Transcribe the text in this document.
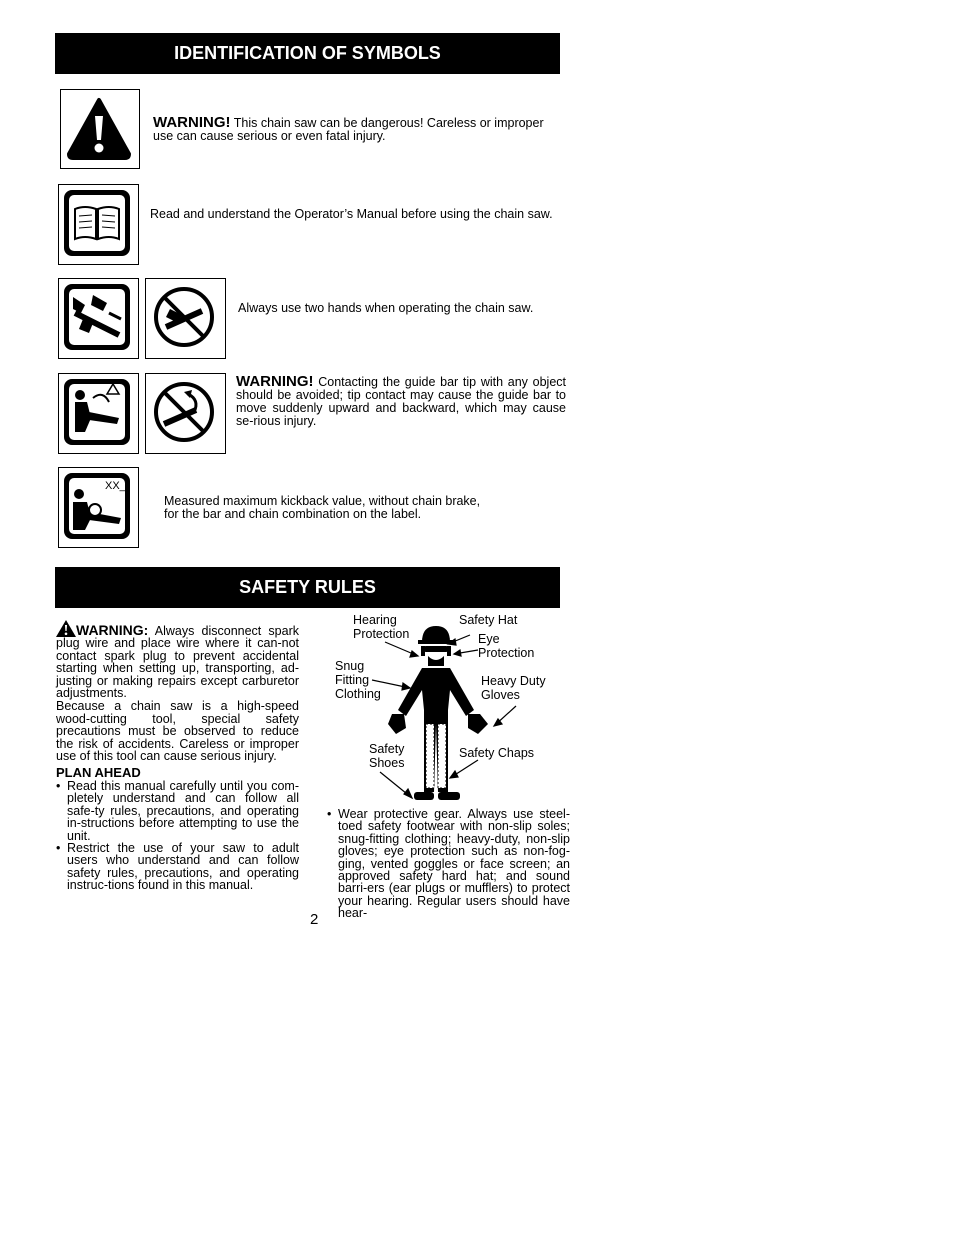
IDENTIFICATION OF SYMBOLS
WARNING! This chain saw can be dangerous! Careless or improper use can cause serious or even fatal injury.
Read and understand the Operator’s Manual before using the chain saw.
Always use two hands when operating the chain saw.
WARNING! Contacting the guide bar tip with any object should be avoided; tip contact may cause the guide bar to move suddenly upward and backward, which may cause se-rious injury.
XX_
Measured maximum kickback value, without chain brake,
for the bar and chain combination on the label.
SAFETY RULES

WARNING: Always disconnect spark plug wire and place wire where it can-not contact spark plug to prevent accidental starting when setting up, transporting, ad-justing or making repairs except carburetor adjustments.

Because a chain saw is a high-speed wood-cutting tool, special safety precautions must be observed to reduce the risk of accidents. Careless or improper use of this tool can cause serious injury.

PLAN AHEAD
• Read this manual carefully until you com-pletely understand and can follow all safe-ty rules, precautions, and operating in-structions before attempting to use the unit.
• Restrict the use of your saw to adult users who understand and can follow safety rules, precautions, and operating instruc-tions found in this manual.
Hearing Protection
Safety Hat
Eye Protection
Snug Fitting Clothing
Heavy Duty Gloves
Safety Shoes
Safety Chaps
• Wear protective gear. Always use steel-toed safety footwear with non-slip soles; snug-fitting clothing; heavy-duty, non-slip gloves; eye protection such as non-fog-ging, vented goggles or face screen; an approved safety hard hat; and sound barri-ers (ear plugs or mufflers) to protect your hearing. Regular users should have hear-
2
